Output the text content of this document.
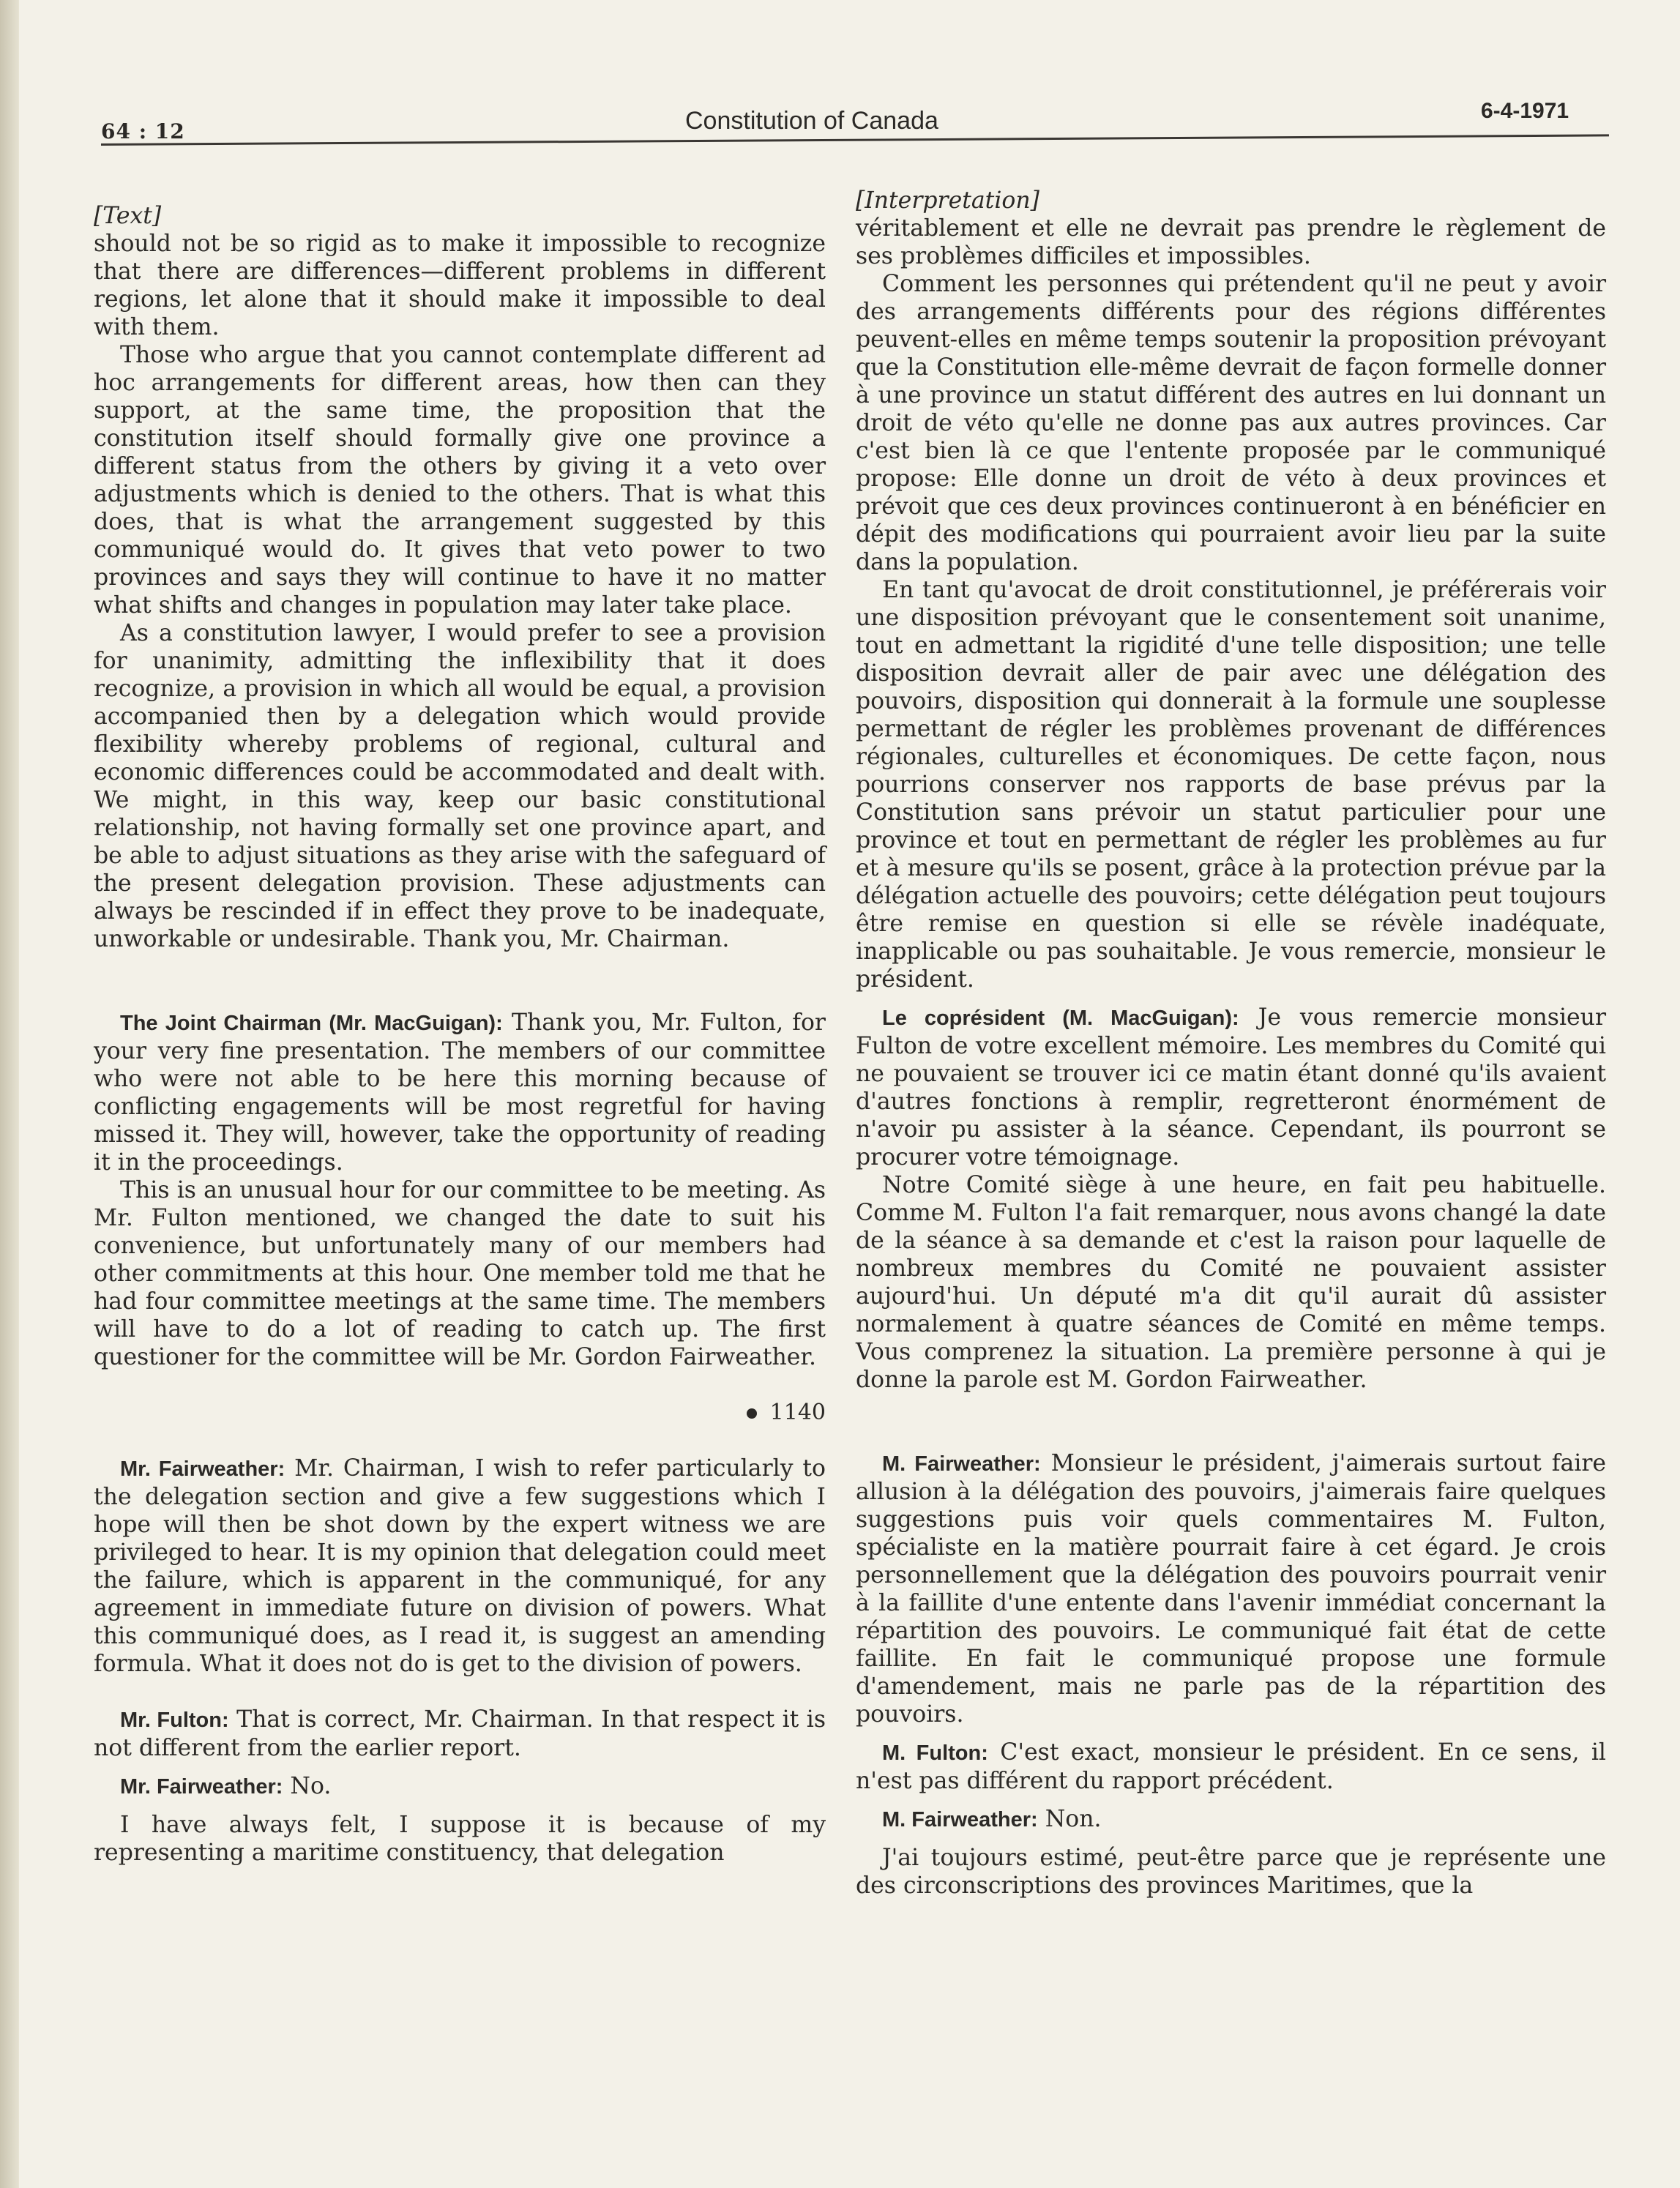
64 : 12	Constitution of Canada	6-4-1971

[Text]

should not be so rigid as to make it impossible to recognize that there are differences—different problems in different regions, let alone that it should make it impossible to deal with them.

Those who argue that you cannot contemplate different ad hoc arrangements for different areas, how then can they support, at the same time, the proposition that the constitution itself should formally give one province a different status from the others by giving it a veto over adjustments which is denied to the others. That is what this does, that is what the arrangement suggested by this communiqué would do. It gives that veto power to two provinces and says they will continue to have it no matter what shifts and changes in population may later take place.

As a constitution lawyer, I would prefer to see a provision for unanimity, admitting the inflexibility that it does recognize, a provision in which all would be equal, a provision accompanied then by a delegation which would provide flexibility whereby problems of regional, cultural and economic differences could be accommodated and dealt with. We might, in this way, keep our basic constitutional relationship, not having formally set one province apart, and be able to adjust situations as they arise with the safeguard of the present delegation provision. These adjustments can always be rescinded if in effect they prove to be inadequate, unworkable or undesirable. Thank you, Mr. Chairman.

The Joint Chairman (Mr. MacGuigan): Thank you, Mr. Fulton, for your very fine presentation. The members of our committee who were not able to be here this morning because of conflicting engagements will be most regretful for having missed it. They will, however, take the opportunity of reading it in the proceedings.

This is an unusual hour for our committee to be meeting. As Mr. Fulton mentioned, we changed the date to suit his convenience, but unfortunately many of our members had other commitments at this hour. One member told me that he had four committee meetings at the same time. The members will have to do a lot of reading to catch up. The first questioner for the committee will be Mr. Gordon Fairweather.

1140

Mr. Fairweather: Mr. Chairman, I wish to refer particularly to the delegation section and give a few suggestions which I hope will then be shot down by the expert witness we are privileged to hear. It is my opinion that delegation could meet the failure, which is apparent in the communiqué, for any agreement in immediate future on division of powers. What this communiqué does, as I read it, is suggest an amending formula. What it does not do is get to the division of powers.

Mr. Fulton: That is correct, Mr. Chairman. In that respect it is not different from the earlier report.

Mr. Fairweather: No.

I have always felt, I suppose it is because of my representing a maritime constituency, that delegation

[Interpretation]

véritablement et elle ne devrait pas prendre le règlement de ses problèmes difficiles et impossibles.

Comment les personnes qui prétendent qu'il ne peut y avoir des arrangements différents pour des régions différentes peuvent-elles en même temps soutenir la proposition prévoyant que la Constitution elle-même devrait de façon formelle donner à une province un statut différent des autres en lui donnant un droit de véto qu'elle ne donne pas aux autres provinces. Car c'est bien là ce que l'entente proposée par le communiqué propose: Elle donne un droit de véto à deux provinces et prévoit que ces deux provinces continueront à en bénéficier en dépit des modifications qui pourraient avoir lieu par la suite dans la population.

En tant qu'avocat de droit constitutionnel, je préférerais voir une disposition prévoyant que le consentement soit unanime, tout en admettant la rigidité d'une telle disposition; une telle disposition devrait aller de pair avec une délégation des pouvoirs, disposition qui donnerait à la formule une souplesse permettant de régler les problèmes provenant de différences régionales, culturelles et économiques. De cette façon, nous pourrions conserver nos rapports de base prévus par la Constitution sans prévoir un statut particulier pour une province et tout en permettant de régler les problèmes au fur et à mesure qu'ils se posent, grâce à la protection prévue par la délégation actuelle des pouvoirs; cette délégation peut toujours être remise en question si elle se révèle inadéquate, inapplicable ou pas souhaitable. Je vous remercie, monsieur le président.

Le coprésident (M. MacGuigan): Je vous remercie monsieur Fulton de votre excellent mémoire. Les membres du Comité qui ne pouvaient se trouver ici ce matin étant donné qu'ils avaient d'autres fonctions à remplir, regretteront énormément de n'avoir pu assister à la séance. Cependant, ils pourront se procurer votre témoignage.

Notre Comité siège à une heure, en fait peu habituelle. Comme M. Fulton l'a fait remarquer, nous avons changé la date de la séance à sa demande et c'est la raison pour laquelle de nombreux membres du Comité ne pouvaient assister aujourd'hui. Un député m'a dit qu'il aurait dû assister normalement à quatre séances de Comité en même temps. Vous comprenez la situation. La première personne à qui je donne la parole est M. Gordon Fairweather.

M. Fairweather: Monsieur le président, j'aimerais surtout faire allusion à la délégation des pouvoirs, j'aimerais faire quelques suggestions puis voir quels commentaires M. Fulton, spécialiste en la matière pourrait faire à cet égard. Je crois personnellement que la délégation des pouvoirs pourrait venir à la faillite d'une entente dans l'avenir immédiat concernant la répartition des pouvoirs. Le communiqué fait état de cette faillite. En fait le communiqué propose une formule d'amendement, mais ne parle pas de la répartition des pouvoirs.

M. Fulton: C'est exact, monsieur le président. En ce sens, il n'est pas différent du rapport précédent.

M. Fairweather: Non.

J'ai toujours estimé, peut-être parce que je représente une des circonscriptions des provinces Maritimes, que la
